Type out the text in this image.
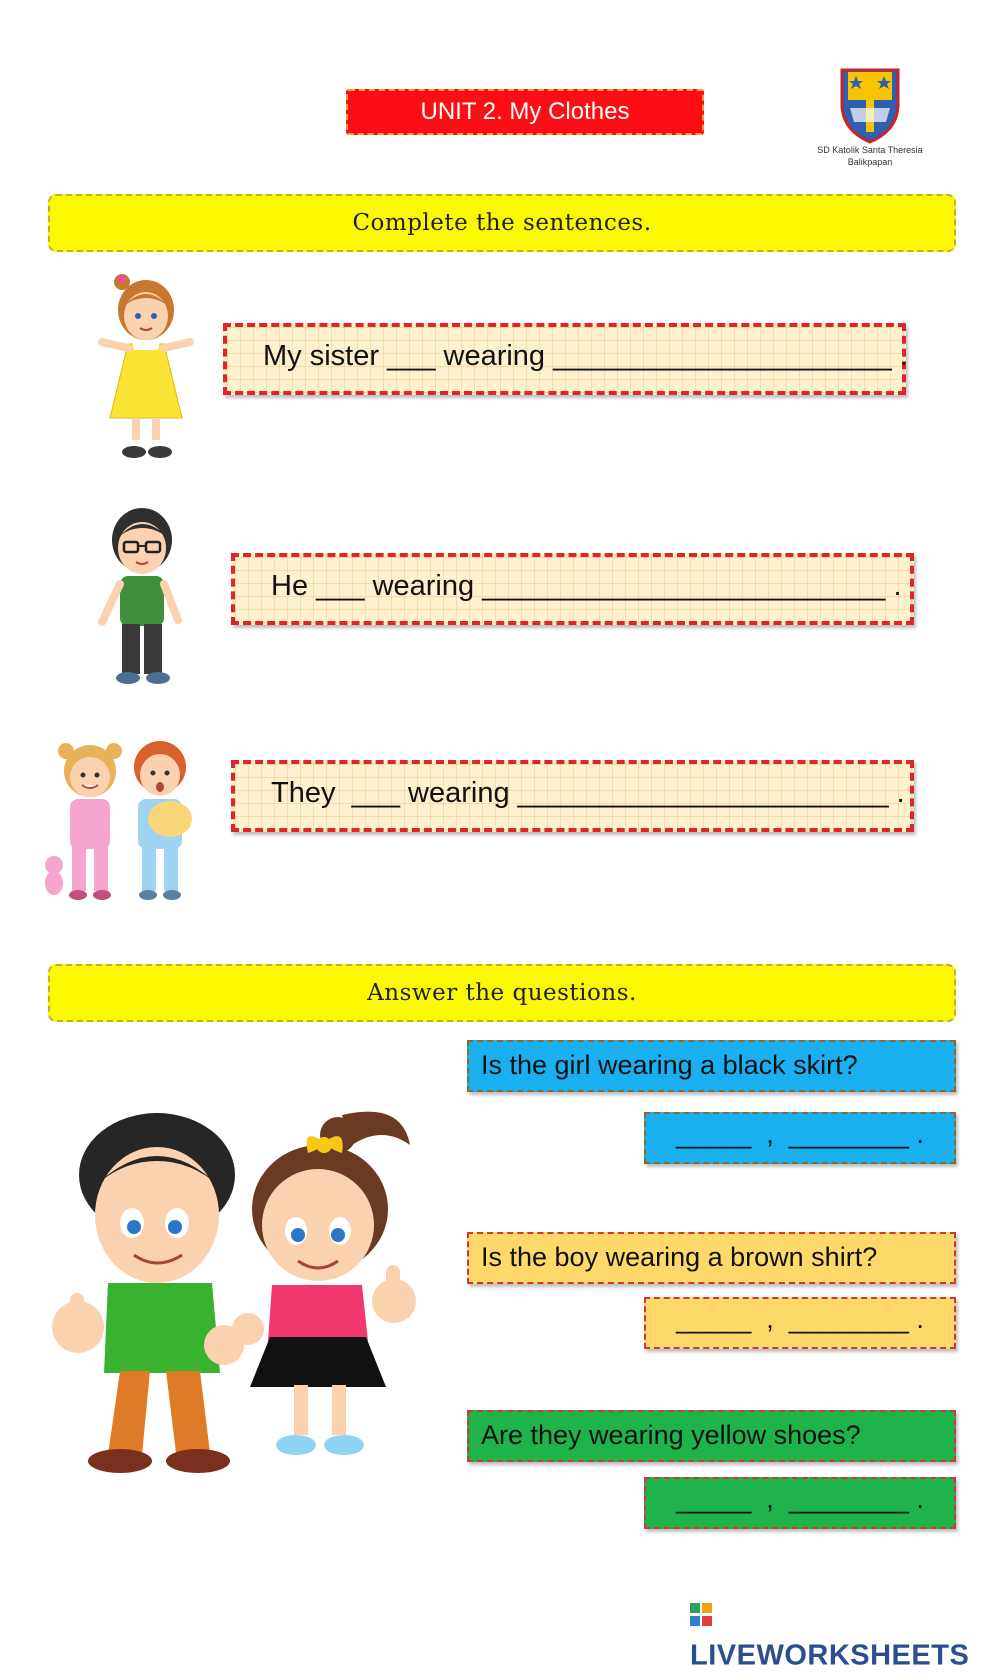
UNIT 2. My Clothes
SD Katolik Santa Theresia
Balikpapan
Complete the sentences.
My sister ___ wearing _____________________ .
He ___ wearing _________________________ .
They  ___ wearing _______________________ .
Answer the questions.
Is the girl wearing a black skirt?
_____  ,  ________ .
Is the boy wearing a brown shirt?
_____  ,  ________ .
Are they wearing yellow shoes?
_____  ,  ________ .
LIVEWORKSHEETS
